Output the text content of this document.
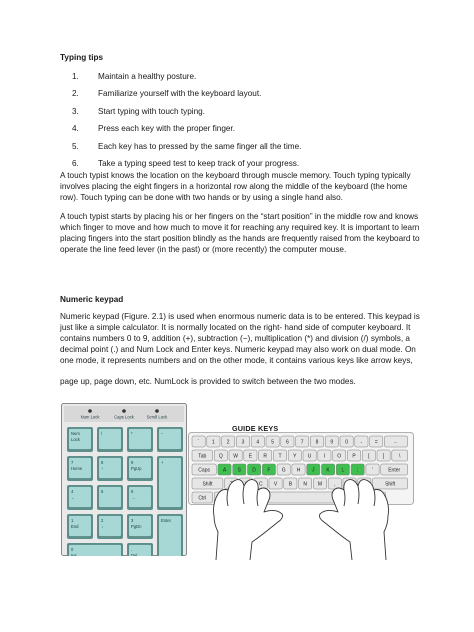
Typing tips
1.	Maintain a healthy posture.
2.	Familiarize yourself with the keyboard layout.
3.	Start typing with touch typing.
4.	Press each key with the proper finger.
5.	Each key has to pressed by the same finger all the time.
6.	Take a typing speed test to keep track of your progress.

A touch typist knows the location on the keyboard through muscle memory. Touch typing typically involves placing the eight fingers in a horizontal row along the middle of the keyboard (the home row). Touch typing can be done with two hands or by using a single hand also.

A touch typist starts by placing his or her fingers on the “start position” in the middle row and knows which finger to move and how much to move it for reaching any required key. It is important to learn placing fingers into the start position blindly as the hands are frequently raised from the keyboard to operate the line feed lever (in the past) or (more recently) the computer mouse.

Numeric keypad

Numeric keypad (Figure. 2.1) is used when enormous numeric data is to be entered. This keypad is just like a simple calculator. It is normally located on the right- hand side of computer keyboard. It contains numbers 0 to 9, addition (+), subtraction (−), multiplication (*) and division (/) symbols, a decimal point (.) and Num Lock and Enter keys. Numeric keypad may also work on dual mode. On one mode, it represents numbers and on the other mode, it contains various keys like arrow keys,

page up, page down, etc. NumLock is provided to switch between the two modes.

Num Lock	Caps Lock	Scroll Lock
Num
Lock
/	*	−
7
Home
8
↑
9
PgUp
+
4
←
5	6
→
1
End
2
↓
3
PgDn
Enter
0
Ins
.
Del
GUIDE KEYS
`	1 2 3 4 5 6 7 8 9 0	-	=	←
Tab	Q W E R T Y U I O P [	]	\
Caps	A S D F G H J K L	;	'	Enter
Shift	C V B N M ,	Shift
Ctrl
